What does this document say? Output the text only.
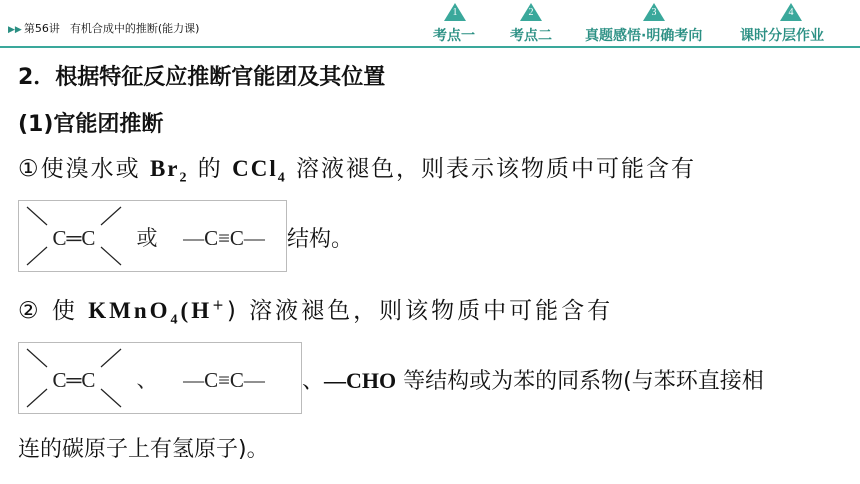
▶▶ 第56讲 有机合成中的推断(能力课)
1
考点一
2
考点二
3
真题感悟·明确考向
4
课时分层作业
2．根据特征反应推断官能团及其位置
(1)官能团推断
①使溴水或 $Br_2$ 的 CCl$_4$ 溶液褪色，则表示该物质中可能含有
C═C 或 —C≡C— 结构。
② 使 KMnO$_4$(H+) 溶液褪色，则该物质中可能含有
C═C 、 —C≡C— 、—CHO 等结构或为苯的同系物(与苯环直接相
连的碳原子上有氢原子)。
